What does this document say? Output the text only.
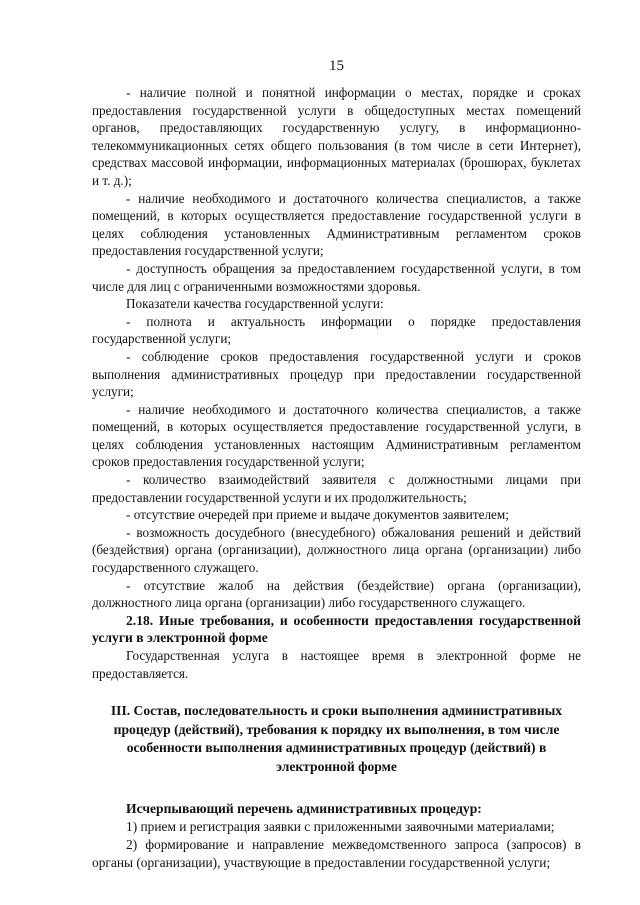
15

- наличие полной и понятной информации о местах, порядке и сроках предоставления государственной услуги в общедоступных местах помещений органов, предоставляющих государственную услугу, в информационно-телекоммуникационных сетях общего пользования (в том числе в сети Интернет), средствах массовой информации, информационных материалах (брошюрах, буклетах и т. д.);

- наличие необходимого и достаточного количества специалистов, а также помещений, в которых осуществляется предоставление государственной услуги в целях соблюдения установленных Административным регламентом сроков предоставления государственной услуги;

- доступность обращения за предоставлением государственной услуги, в том числе для лиц с ограниченными возможностями здоровья.

Показатели качества государственной услуги:

- полнота и актуальность информации о порядке предоставления государственной услуги;

- соблюдение сроков предоставления государственной услуги и сроков выполнения административных процедур при предоставлении государственной услуги;

- наличие необходимого и достаточного количества специалистов, а также помещений, в которых осуществляется предоставление государственной услуги, в целях соблюдения установленных настоящим Административным регламентом сроков предоставления государственной услуги;

- количество взаимодействий заявителя с должностными лицами при предоставлении государственной услуги и их продолжительность;

- отсутствие очередей при приеме и выдаче документов заявителем;

- возможность досудебного (внесудебного) обжалования решений и действий (бездействия) органа (организации), должностного лица органа (организации) либо государственного служащего.

- отсутствие жалоб на действия (бездействие) органа (организации), должностного лица органа (организации) либо государственного служащего.

2.18. Иные требования, и особенности предоставления государственной услуги в электронной форме

Государственная услуга в настоящее время в электронной форме не предоставляется.

III. Состав, последовательность и сроки выполнения административных процедур (действий), требования к порядку их выполнения, в том числе особенности выполнения административных процедур (действий) в электронной форме

Исчерпывающий перечень административных процедур:

1) прием и регистрация заявки с приложенными заявочными материалами;

2) формирование и направление межведомственного запроса (запросов) в органы (организации), участвующие в предоставлении государственной услуги;
